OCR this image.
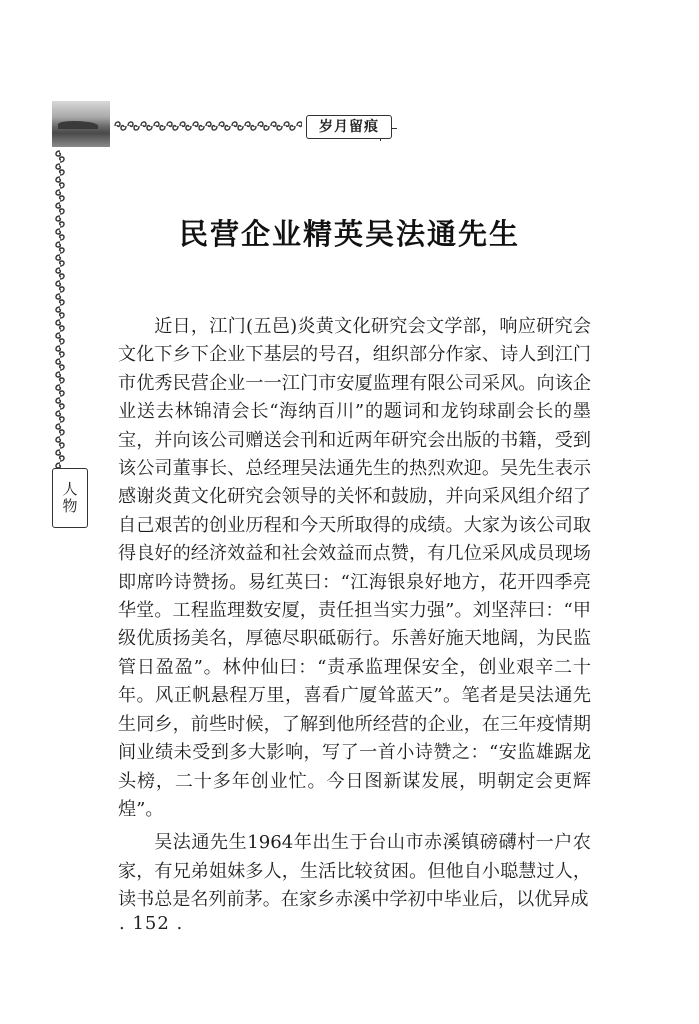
岁月留痕
人物
民营企业精英吴法通先生

近日，江门(五邑)炎黄文化研究会文学部，响应研究会文化下乡下企业下基层的号召，组织部分作家、诗人到江门市优秀民营企业一一江门市安厦监理有限公司采风。向该企业送去林锦清会长“海纳百川”的题词和龙钧球副会长的墨宝，并向该公司赠送会刊和近两年研究会出版的书籍，受到该公司董事长、总经理吴法通先生的热烈欢迎。吴先生表示感谢炎黄文化研究会领导的关怀和鼓励，并向采风组介绍了自己艰苦的创业历程和今天所取得的成绩。大家为该公司取得良好的经济效益和社会效益而点赞，有几位采风成员现场即席吟诗赞扬。易红英曰：“江海银泉好地方，花开四季亮华堂。工程监理数安厦，责任担当实力强”。刘坚萍曰：“甲级优质扬美名，厚德尽职砥砺行。乐善好施天地阔，为民监管日盈盈”。林仲仙曰：“责承监理保安全，创业艰辛二十年。风正帆悬程万里，喜看广厦耸蓝天”。笔者是吴法通先生同乡，前些时候，了解到他所经营的企业，在三年疫情期间业绩未受到多大影响，写了一首小诗赞之：“安监雄踞龙头榜，二十多年创业忙。今日图新谋发展，明朝定会更辉煌”。

吴法通先生1964年出生于台山市赤溪镇磅礴村一户农家，有兄弟姐妹多人，生活比较贫困。但他自小聪慧过人，读书总是名列前茅。在家乡赤溪中学初中毕业后，以优异成

. 152 .
